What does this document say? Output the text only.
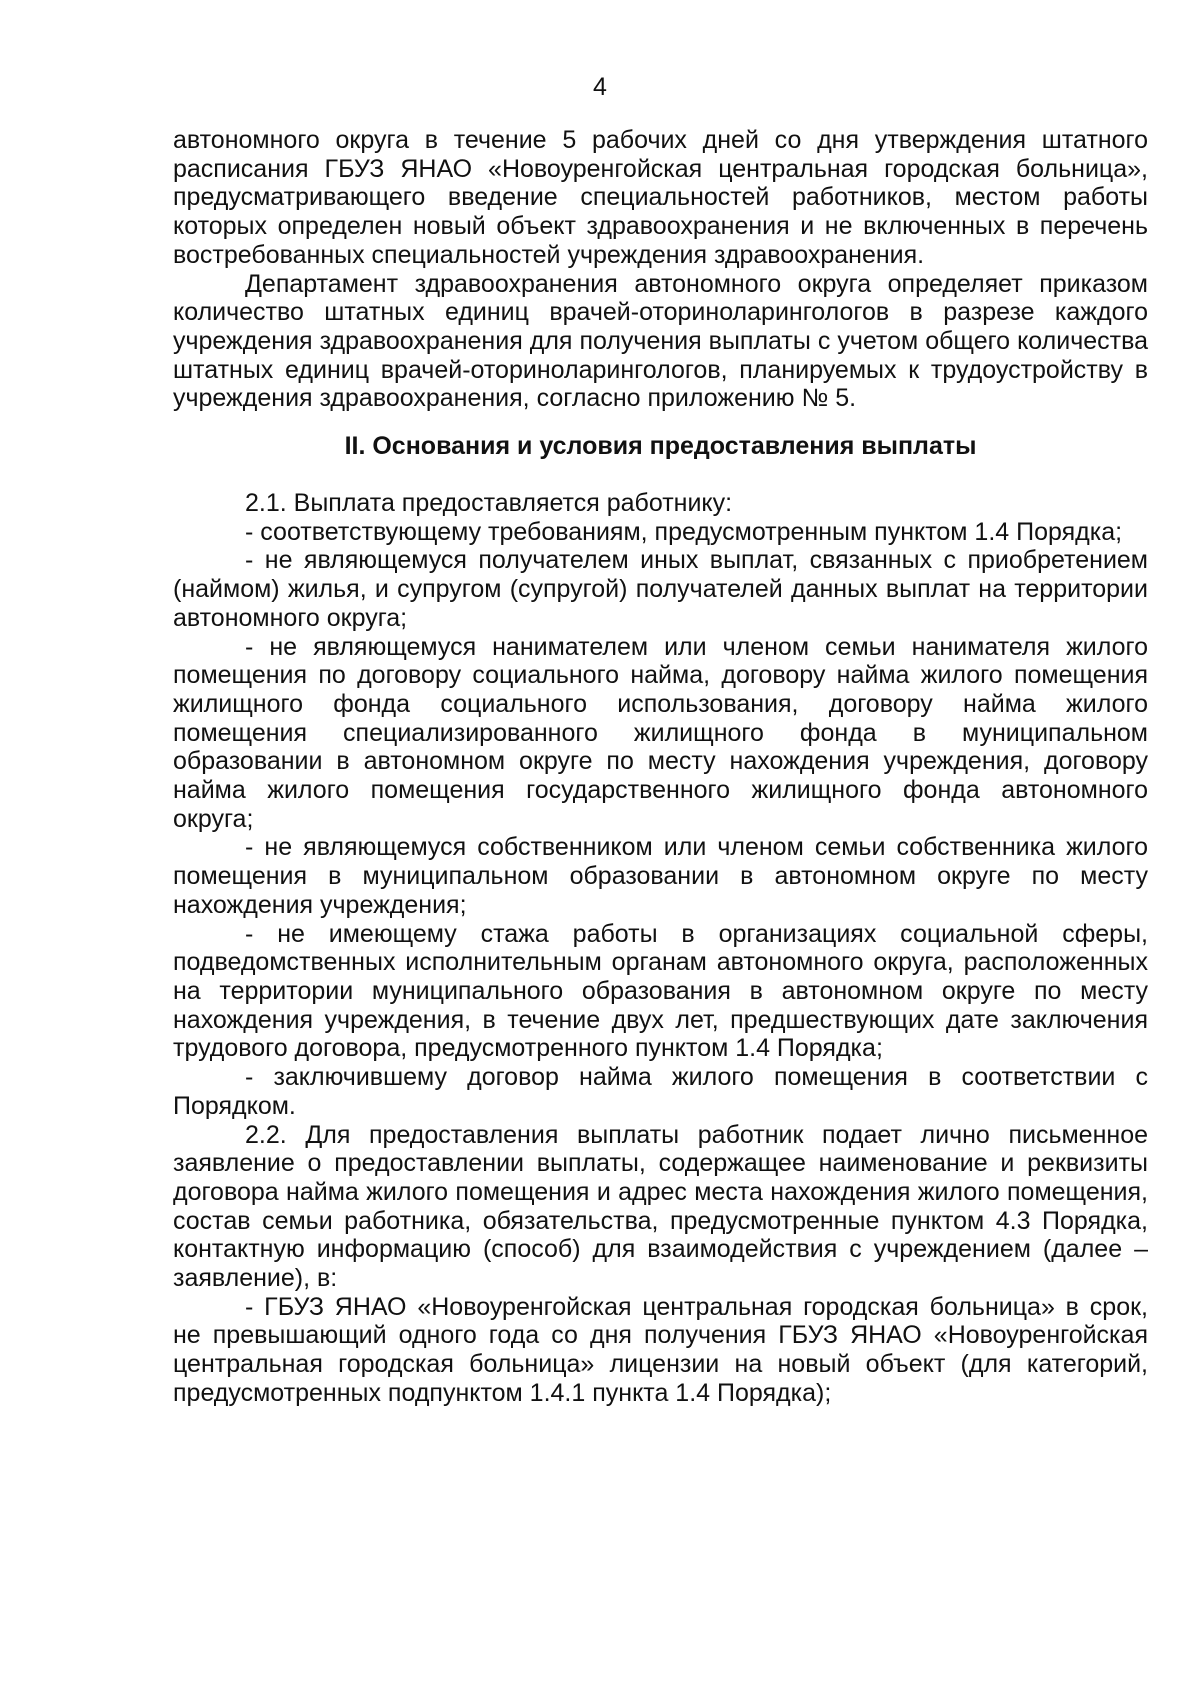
4

автономного округа в течение 5 рабочих дней со дня утверждения штатного расписания ГБУЗ ЯНАО «Новоуренгойская центральная городская больница», предусматривающего введение специальностей работников, местом работы которых определен новый объект здравоохранения и не включенных в перечень востребованных специальностей учреждения здравоохранения.

Департамент здравоохранения автономного округа определяет приказом количество штатных единиц врачей-оториноларингологов в разрезе каждого учреждения здравоохранения для получения выплаты с учетом общего количества штатных единиц врачей-оториноларингологов, планируемых к трудоустройству в учреждения здравоохранения, согласно приложению № 5.

II. Основания и условия предоставления выплаты

2.1. Выплата предоставляется работнику:

- соответствующему требованиям, предусмотренным пунктом 1.4 Порядка;

- не являющемуся получателем иных выплат, связанных с приобретением (наймом) жилья, и супругом (супругой) получателей данных выплат на территории автономного округа;

- не являющемуся нанимателем или членом семьи нанимателя жилого помещения по договору социального найма, договору найма жилого помещения жилищного фонда социального использования, договору найма жилого помещения специализированного жилищного фонда в муниципальном образовании в автономном округе по месту нахождения учреждения, договору найма жилого помещения государственного жилищного фонда автономного округа;

- не являющемуся собственником или членом семьи собственника жилого помещения в муниципальном образовании в автономном округе по месту нахождения учреждения;

- не имеющему стажа работы в организациях социальной сферы, подведомственных исполнительным органам автономного округа, расположенных на территории муниципального образования в автономном округе по месту нахождения учреждения, в течение двух лет, предшествующих дате заключения трудового договора, предусмотренного пунктом 1.4 Порядка;

- заключившему договор найма жилого помещения в соответствии с Порядком.

2.2. Для предоставления выплаты работник подает лично письменное заявление о предоставлении выплаты, содержащее наименование и реквизиты договора найма жилого помещения и адрес места нахождения жилого помещения, состав семьи работника, обязательства, предусмотренные пунктом 4.3 Порядка, контактную информацию (способ) для взаимодействия с учреждением (далее – заявление), в:

- ГБУЗ ЯНАО «Новоуренгойская центральная городская больница» в срок, не превышающий одного года со дня получения ГБУЗ ЯНАО «Новоуренгойская центральная городская больница» лицензии на новый объект (для категорий, предусмотренных подпунктом 1.4.1 пункта 1.4 Порядка);
